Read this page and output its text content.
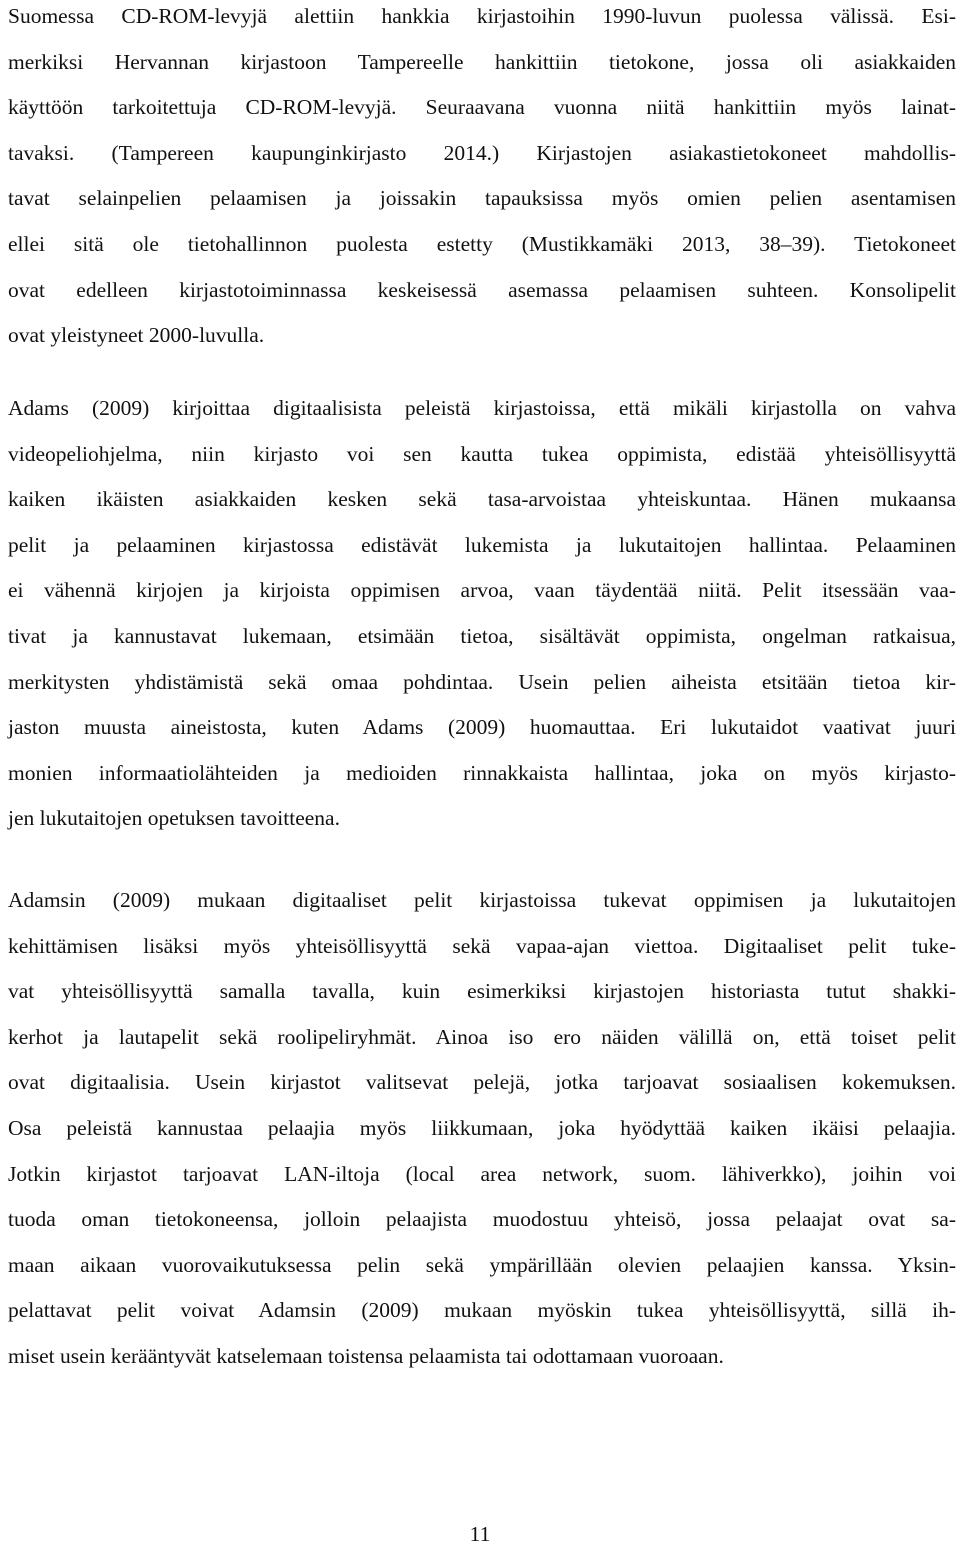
Suomessa CD-ROM-levyjä alettiin hankkia kirjastoihin 1990-luvun puolessa välissä. Esi-
merkiksi Hervannan kirjastoon Tampereelle hankittiin tietokone, jossa oli asiakkaiden
käyttöön tarkoitettuja CD-ROM-levyjä. Seuraavana vuonna niitä hankittiin myös lainat-
tavaksi. (Tampereen kaupunginkirjasto 2014.) Kirjastojen asiakastietokoneet mahdollis-
tavat selainpelien pelaamisen ja joissakin tapauksissa myös omien pelien asentamisen
ellei sitä ole tietohallinnon puolesta estetty (Mustikkamäki 2013, 38–39). Tietokoneet
ovat edelleen kirjastotoiminnassa keskeisessä asemassa pelaamisen suhteen. Konsolipelit
ovat yleistyneet 2000-luvulla.

Adams (2009) kirjoittaa digitaalisista peleistä kirjastoissa, että mikäli kirjastolla on vahva
videopeliohjelma, niin kirjasto voi sen kautta tukea oppimista, edistää yhteisöllisyyttä
kaiken ikäisten asiakkaiden kesken sekä tasa-arvoistaa yhteiskuntaa. Hänen mukaansa
pelit ja pelaaminen kirjastossa edistävät lukemista ja lukutaitojen hallintaa. Pelaaminen
ei vähennä kirjojen ja kirjoista oppimisen arvoa, vaan täydentää niitä. Pelit itsessään vaa-
tivat ja kannustavat lukemaan, etsimään tietoa, sisältävät oppimista, ongelman ratkaisua,
merkitysten yhdistämistä sekä omaa pohdintaa. Usein pelien aiheista etsitään tietoa kir-
jaston muusta aineistosta, kuten Adams (2009) huomauttaa. Eri lukutaidot vaativat juuri
monien informaatiolähteiden ja medioiden rinnakkaista hallintaa, joka on myös kirjasto-
jen lukutaitojen opetuksen tavoitteena.

Adamsin (2009) mukaan digitaaliset pelit kirjastoissa tukevat oppimisen ja lukutaitojen
kehittämisen lisäksi myös yhteisöllisyyttä sekä vapaa-ajan viettoa. Digitaaliset pelit tuke-
vat yhteisöllisyyttä samalla tavalla, kuin esimerkiksi kirjastojen historiasta tutut shakki-
kerhot ja lautapelit sekä roolipeliryhmät. Ainoa iso ero näiden välillä on, että toiset pelit
ovat digitaalisia. Usein kirjastot valitsevat pelejä, jotka tarjoavat sosiaalisen kokemuksen.
Osa peleistä kannustaa pelaajia myös liikkumaan, joka hyödyttää kaiken ikäisi pelaajia.
Jotkin kirjastot tarjoavat LAN-iltoja (local area network, suom. lähiverkko), joihin voi
tuoda oman tietokoneensa, jolloin pelaajista muodostuu yhteisö, jossa pelaajat ovat sa-
maan aikaan vuorovaikutuksessa pelin sekä ympärillään olevien pelaajien kanssa. Yksin-
pelattavat pelit voivat Adamsin (2009) mukaan myöskin tukea yhteisöllisyyttä, sillä ih-
miset usein kerääntyvät katselemaan toistensa pelaamista tai odottamaan vuoroaan.

11
